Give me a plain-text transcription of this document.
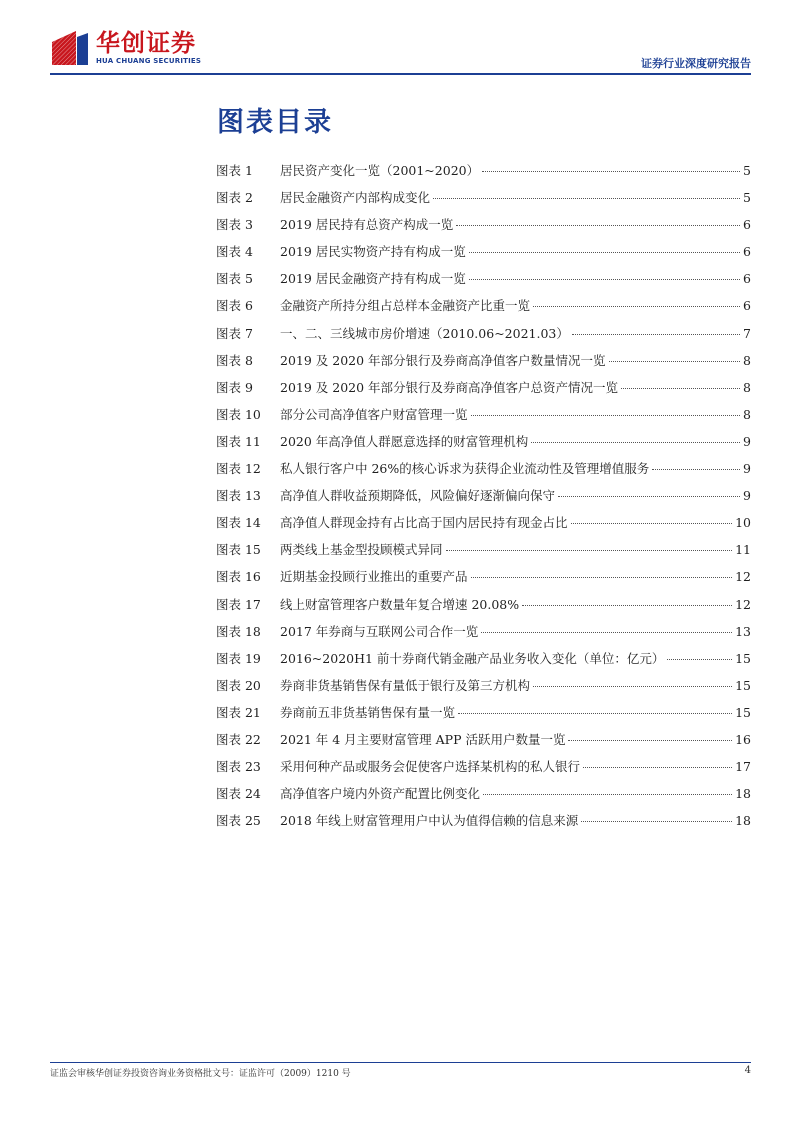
华创证券
HUA CHUANG SECURITIES	证券行业深度研究报告
图表目录
图表 1	居民资产变化一览（2001~2020）	5
图表 2	居民金融资产内部构成变化	5
图表 3	2019 居民持有总资产构成一览	6
图表 4	2019 居民实物资产持有构成一览	6
图表 5	2019 居民金融资产持有构成一览	6
图表 6	金融资产所持分组占总样本金融资产比重一览	6
图表 7	一、二、三线城市房价增速（2010.06~2021.03）	7
图表 8	2019 及 2020 年部分银行及券商高净值客户数量情况一览	8
图表 9	2019 及 2020 年部分银行及券商高净值客户总资产情况一览	8
图表 10	部分公司高净值客户财富管理一览	8
图表 11	2020 年高净值人群愿意选择的财富管理机构	9
图表 12	私人银行客户中 26%的核心诉求为获得企业流动性及管理增值服务	9
图表 13	高净值人群收益预期降低，风险偏好逐渐偏向保守	9
图表 14	高净值人群现金持有占比高于国内居民持有现金占比	10
图表 15	两类线上基金型投顾模式异同	11
图表 16	近期基金投顾行业推出的重要产品	12
图表 17	线上财富管理客户数量年复合增速 20.08%	12
图表 18	2017 年券商与互联网公司合作一览	13
图表 19	2016~2020H1 前十券商代销金融产品业务收入变化（单位：亿元）	15
图表 20	券商非货基销售保有量低于银行及第三方机构	15
图表 21	券商前五非货基销售保有量一览	15
图表 22	2021 年 4 月主要财富管理 APP 活跃用户数量一览	16
图表 23	采用何种产品或服务会促使客户选择某机构的私人银行	17
图表 24	高净值客户境内外资产配置比例变化	18
图表 25	2018 年线上财富管理用户中认为值得信赖的信息来源	18
证监会审核华创证券投资咨询业务资格批文号：证监许可（2009）1210 号	4
